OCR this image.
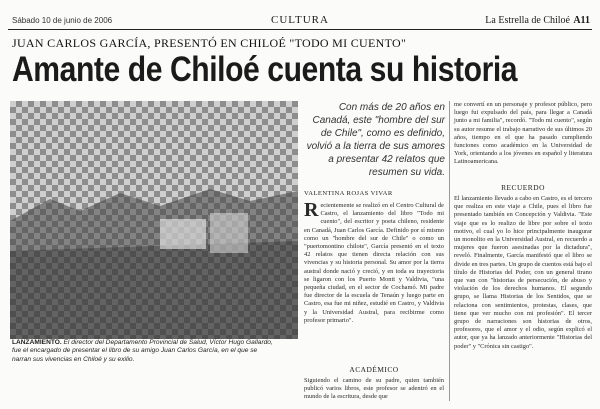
Sábado 10 de junio de 2006	CULTURA	La Estrella de Chiloé A11
JUAN CARLOS GARCÍA, PRESENTÓ EN CHILOÉ "TODO MI CUENTO"
Amante de Chiloé cuenta su historia
LANZAMIENTO. El director del Departamento Provincial de Salud, Víctor Hugo Gallardo, fue el encargado de presentar el libro de su amigo Juan Carlos García, en el que se narran sus vivencias en Chiloé y su exilio.
Con más de 20 años en Canadá, este "hombre del sur de Chile", como es definido, volvió a la tierra de sus amores a presentar 42 relatos que resumen su vida.
VALENTINA ROJAS VIVAR
Recientemente se realizó en el Centro Cultural de Castro, el lanzamiento del libro "Todo mi cuento", del escritor y poeta chileno, residente en Canadá, Juan Carlos García. Definido por sí mismo como un "hombre del sur de Chile" o como un "puertomontino chilote", García presentó en el texto 42 relatos que tienen directa relación con sus vivencias y su historia personal. Su amor por la tierra austral donde nació y creció, y en toda su trayectoria se ligaron con los Puerto Montt y Valdivia, "una pequeña ciudad, en el sector de Cochamó. Mi padre fue director de la escuela de Tenaún y luego parte en Castro, esa fue mi niñez, estudié en Castro, y Valdivia y la Universidad Austral, para recibirme como profesor primario".
ACADÉMICO
Siguiendo el camino de su padre, quien también publicó varios libros, este profesor se adentró en el mundo de la escritura, desde que
me convertí en un personaje y profesor público, pero luego fui expulsado del país, para llegar a Canadá junto a mi familia", recordó. "Todo mi cuento", según su autor resume el trabajo narrativo de sus últimos 20 años, tiempo en el que ha pasado cumpliendo funciones como académico en la Universidad de York, orientando a los jóvenes en español y literatura Latinoamericana.
RECUERDO
El lanzamiento llevado a cabo en Castro, es el tercero que realiza en este viaje a Chile, pues el libro fue presentado también en Concepción y Valdivia. "Este viaje que es lo realizo de libre por sobre el texto motivo, el cual yo lo hice principalmente inaugurar un monolito en la Universidad Austral, en recuerdo a mujeres que fueron asesinadas por la dictadura", reveló. Finalmente, García manifestó que el libro se divide en tres partes. Un grupo de cuentos está bajo el título de Historias del Poder, con un general tirano que van con "historias de persecución, de abuso y violación de los derechos humanos. El segundo grupo, se llama Historias de los Sentidos, que se relaciona con sentimientos, protestas, clases, que tiene que ver mucho con mi profesión". El tercer grupo de narraciones son historias de otros, profesores, que el amor y el odio, según explicó el autor, que ya ha lanzado anteriormente "Historias del poder" y "Crónica sin castigo".
